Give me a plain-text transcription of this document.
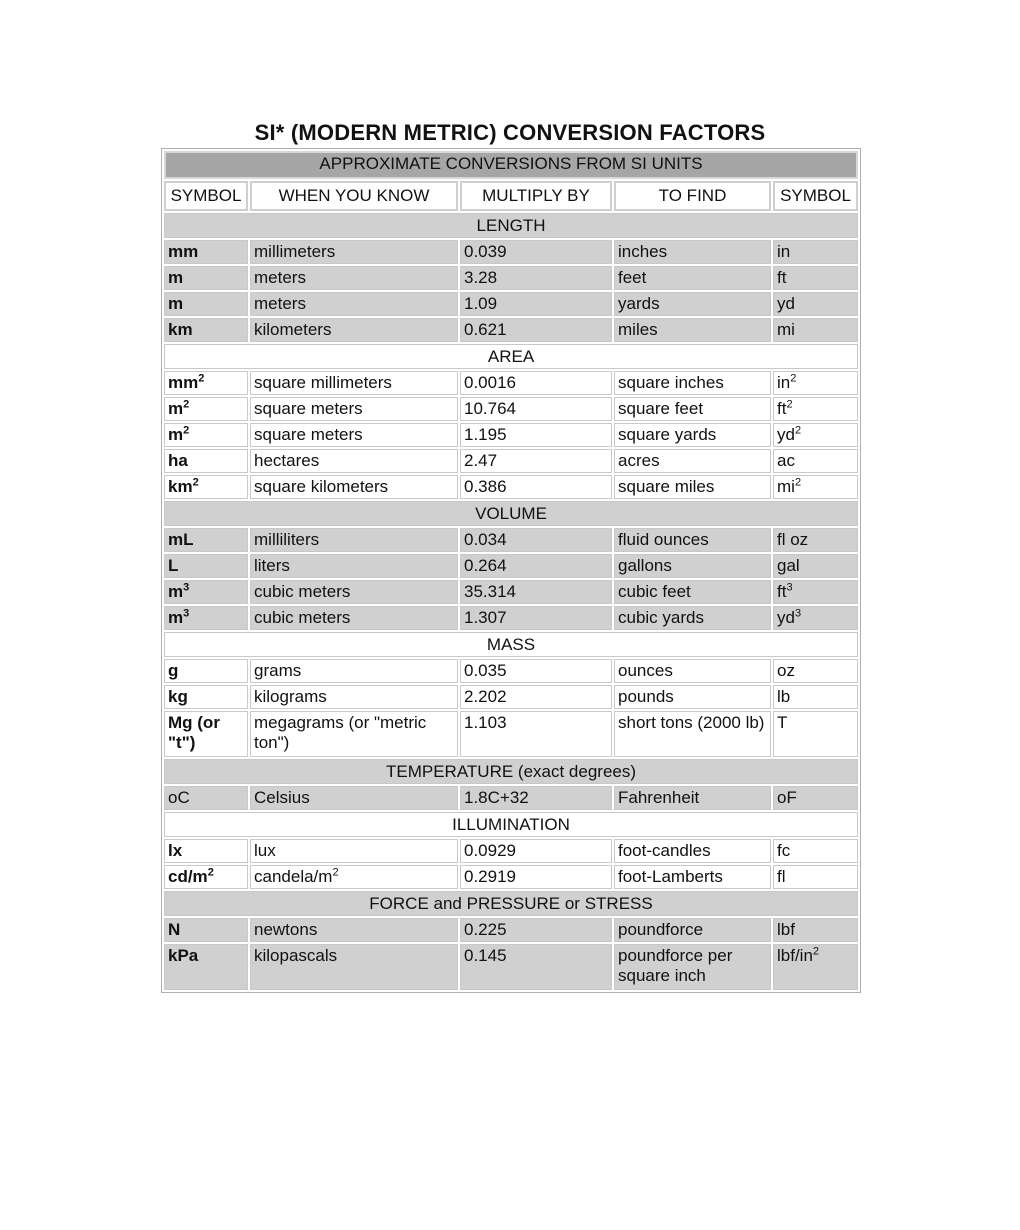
SI* (MODERN METRIC) CONVERSION FACTORS
APPROXIMATE CONVERSIONS FROM SI UNITS				
SYMBOL	WHEN YOU KNOW	MULTIPLY BY	TO FIND	SYMBOL
LENGTH				
mm	millimeters	0.039	inches	in
m	meters	3.28	feet	ft
m	meters	1.09	yards	yd
km	kilometers	0.621	miles	mi
AREA				
$mm^2$	square millimeters	0.0016	square inches	$in^2$
$m^2$	square meters	10.764	square feet	$ft^2$
$m^2$	square meters	1.195	square yards	$yd^2$
ha	hectares	2.47	acres	ac
$km^2$	square kilometers	0.386	square miles	$mi^2$
VOLUME				
mL	milliliters	0.034	fluid ounces	fl oz
L	liters	0.264	gallons	gal
$m^3$	cubic meters	35.314	cubic feet	$ft^3$
$m^3$	cubic meters	1.307	cubic yards	$yd^3$
MASS				
g	grams	0.035	ounces	oz
kg	kilograms	2.202	pounds	lb
Mg (or "t")	megagrams (or "metric ton")	1.103	short tons (2000 lb)	T
TEMPERATURE (exact degrees)				
oC	Celsius	1.8C+32	Fahrenheit	oF
ILLUMINATION				
lx	lux	0.0929	foot-candles	fc
$cd/m^2$	candela/$m^2$	0.2919	foot-Lamberts	fl
FORCE and PRESSURE or STRESS				
N	newtons	0.225	poundforce	lbf
kPa	kilopascals	0.145	poundforce per square inch	lbf/$in^2$
